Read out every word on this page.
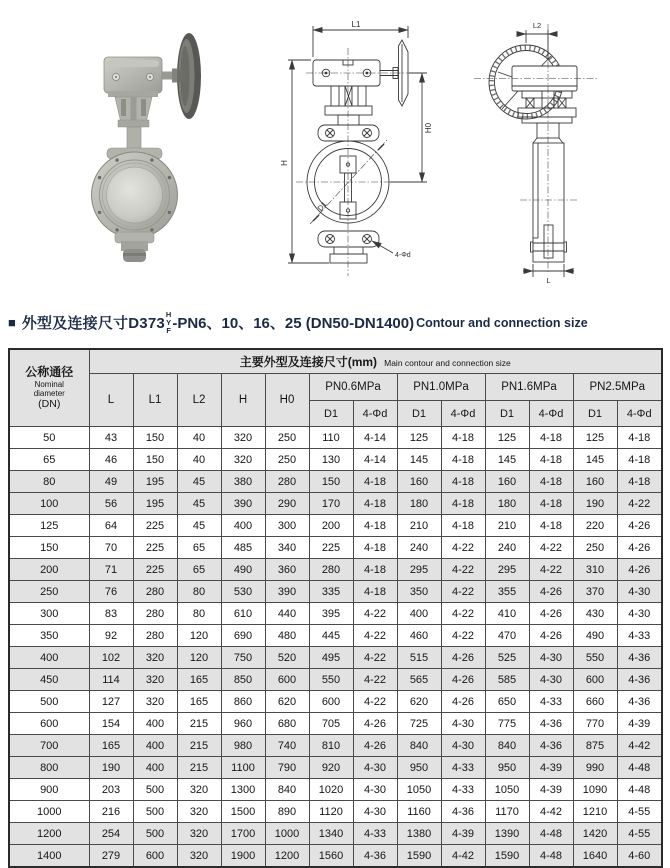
L1
H
H0
D1
4-Φd
L2
L
■ 外型及连接尺寸D373
H
Y
F -PN6、10、16、25 (DN50-DN1400) Contour and connection size
公称通径
Nominal
diameter
(DN)	主要外型及连接尺寸(mm) Main contour and connection size												
	L	L1	L2	H	H0	PN0.6MPa		PN1.0MPa		PN1.6MPa		PN2.5MPa	
						D1	4-Φd	D1	4-Φd	D1	4-Φd	D1	4-Φd
50	43	150	40	320	250	110	4-14	125	4-18	125	4-18	125	4-18
65	46	150	40	320	250	130	4-14	145	4-18	145	4-18	145	4-18
80	49	195	45	380	280	150	4-18	160	4-18	160	4-18	160	4-18
100	56	195	45	390	290	170	4-18	180	4-18	180	4-18	190	4-22
125	64	225	45	400	300	200	4-18	210	4-18	210	4-18	220	4-26
150	70	225	65	485	340	225	4-18	240	4-22	240	4-22	250	4-26
200	71	225	65	490	360	280	4-18	295	4-22	295	4-22	310	4-26
250	76	280	80	530	390	335	4-18	350	4-22	355	4-26	370	4-30
300	83	280	80	610	440	395	4-22	400	4-22	410	4-26	430	4-30
350	92	280	120	690	480	445	4-22	460	4-22	470	4-26	490	4-33
400	102	320	120	750	520	495	4-22	515	4-26	525	4-30	550	4-36
450	114	320	165	850	600	550	4-22	565	4-26	585	4-30	600	4-36
500	127	320	165	860	620	600	4-22	620	4-26	650	4-33	660	4-36
600	154	400	215	960	680	705	4-26	725	4-30	775	4-36	770	4-39
700	165	400	215	980	740	810	4-26	840	4-30	840	4-36	875	4-42
800	190	400	215	1100	790	920	4-30	950	4-33	950	4-39	990	4-48
900	203	500	320	1300	840	1020	4-30	1050	4-33	1050	4-39	1090	4-48
1000	216	500	320	1500	890	1120	4-30	1160	4-36	1170	4-42	1210	4-55
1200	254	500	320	1700	1000	1340	4-33	1380	4-39	1390	4-48	1420	4-55
1400	279	600	320	1900	1200	1560	4-36	1590	4-42	1590	4-48	1640	4-60
